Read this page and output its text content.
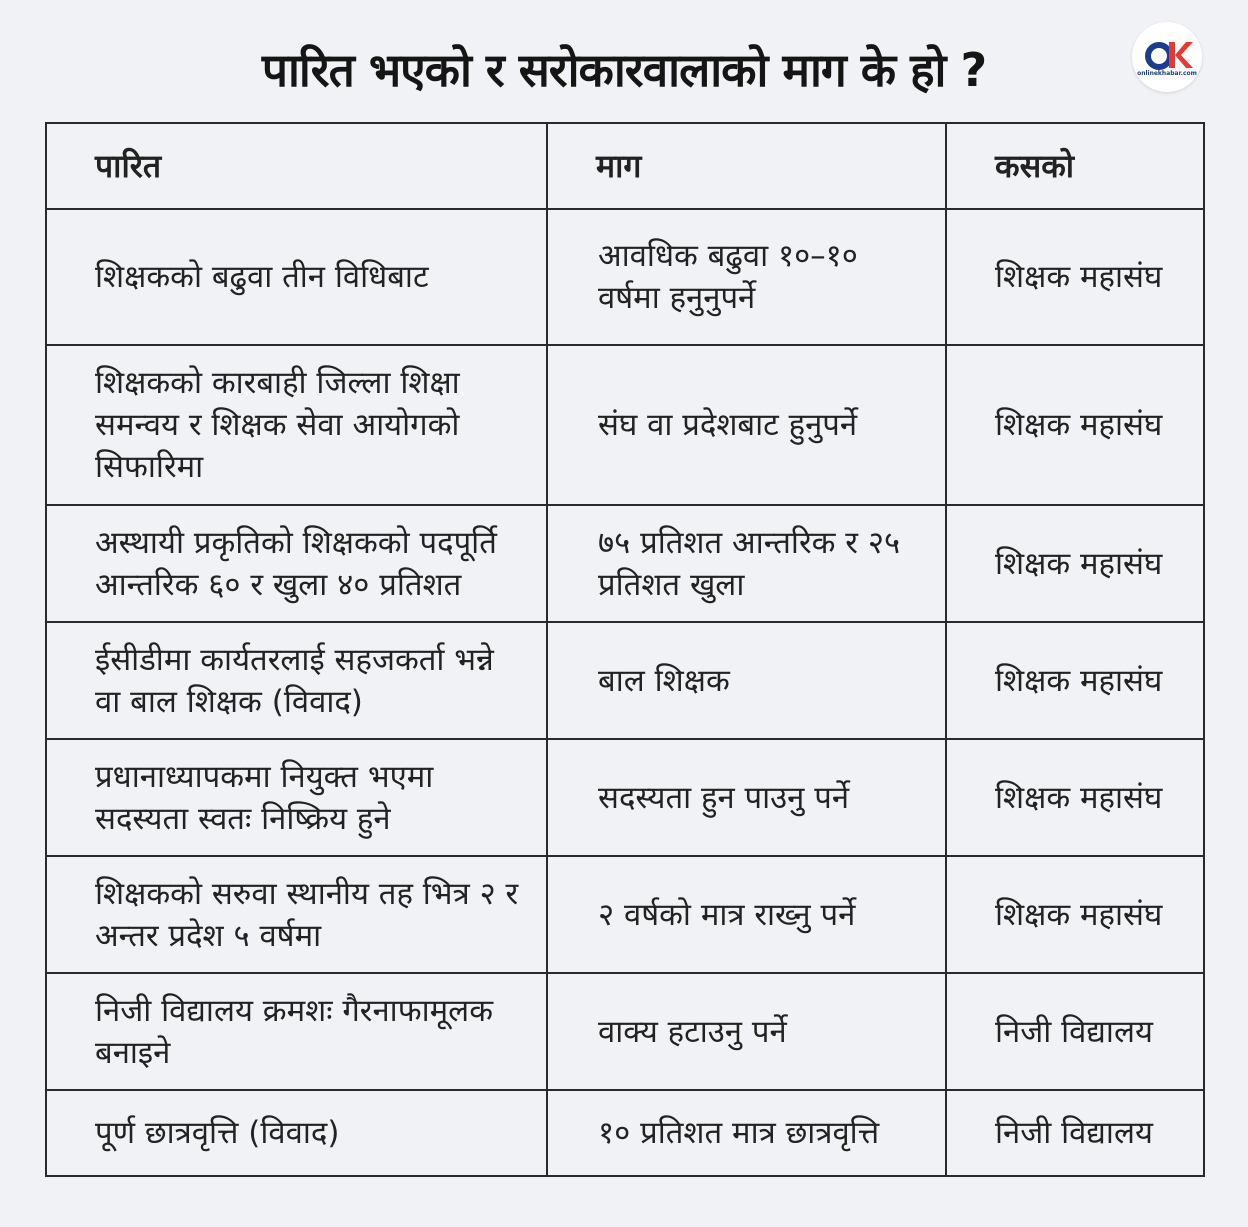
पारित भएको र सरोकारवालाको माग के हो ?	onlinekhabar.com
पारित	माग	कसको
शिक्षकको बढुवा तीन विधिबाट	आवधिक बढुवा १०–१० वर्षमा हनुनुपर्ने	शिक्षक महासंघ
शिक्षकको कारबाही जिल्ला शिक्षा समन्वय र शिक्षक सेवा आयोगको सिफारिमा	संघ वा प्रदेशबाट हुनुपर्ने	शिक्षक महासंघ
अस्थायी प्रकृतिको शिक्षकको पदपूर्ति आन्तरिक ६० र खुला ४० प्रतिशत	७५ प्रतिशत आन्तरिक र २५ प्रतिशत खुला	शिक्षक महासंघ
ईसीडीमा कार्यतरलाई सहजकर्ता भन्ने वा बाल शिक्षक (विवाद)	बाल शिक्षक	शिक्षक महासंघ
प्रधानाध्यापकमा नियुक्त भएमा सदस्यता स्वतः निष्क्रिय हुने	सदस्यता हुन पाउनु पर्ने	शिक्षक महासंघ
शिक्षकको सरुवा स्थानीय तह भित्र २ र अन्तर प्रदेश ५ वर्षमा	२ वर्षको मात्र राख्नु पर्ने	शिक्षक महासंघ
निजी विद्यालय क्रमशः गैरनाफामूलक बनाइने	वाक्य हटाउनु पर्ने	निजी विद्यालय
पूर्ण छात्रवृत्ति (विवाद)	१० प्रतिशत मात्र छात्रवृत्ति	निजी विद्यालय
